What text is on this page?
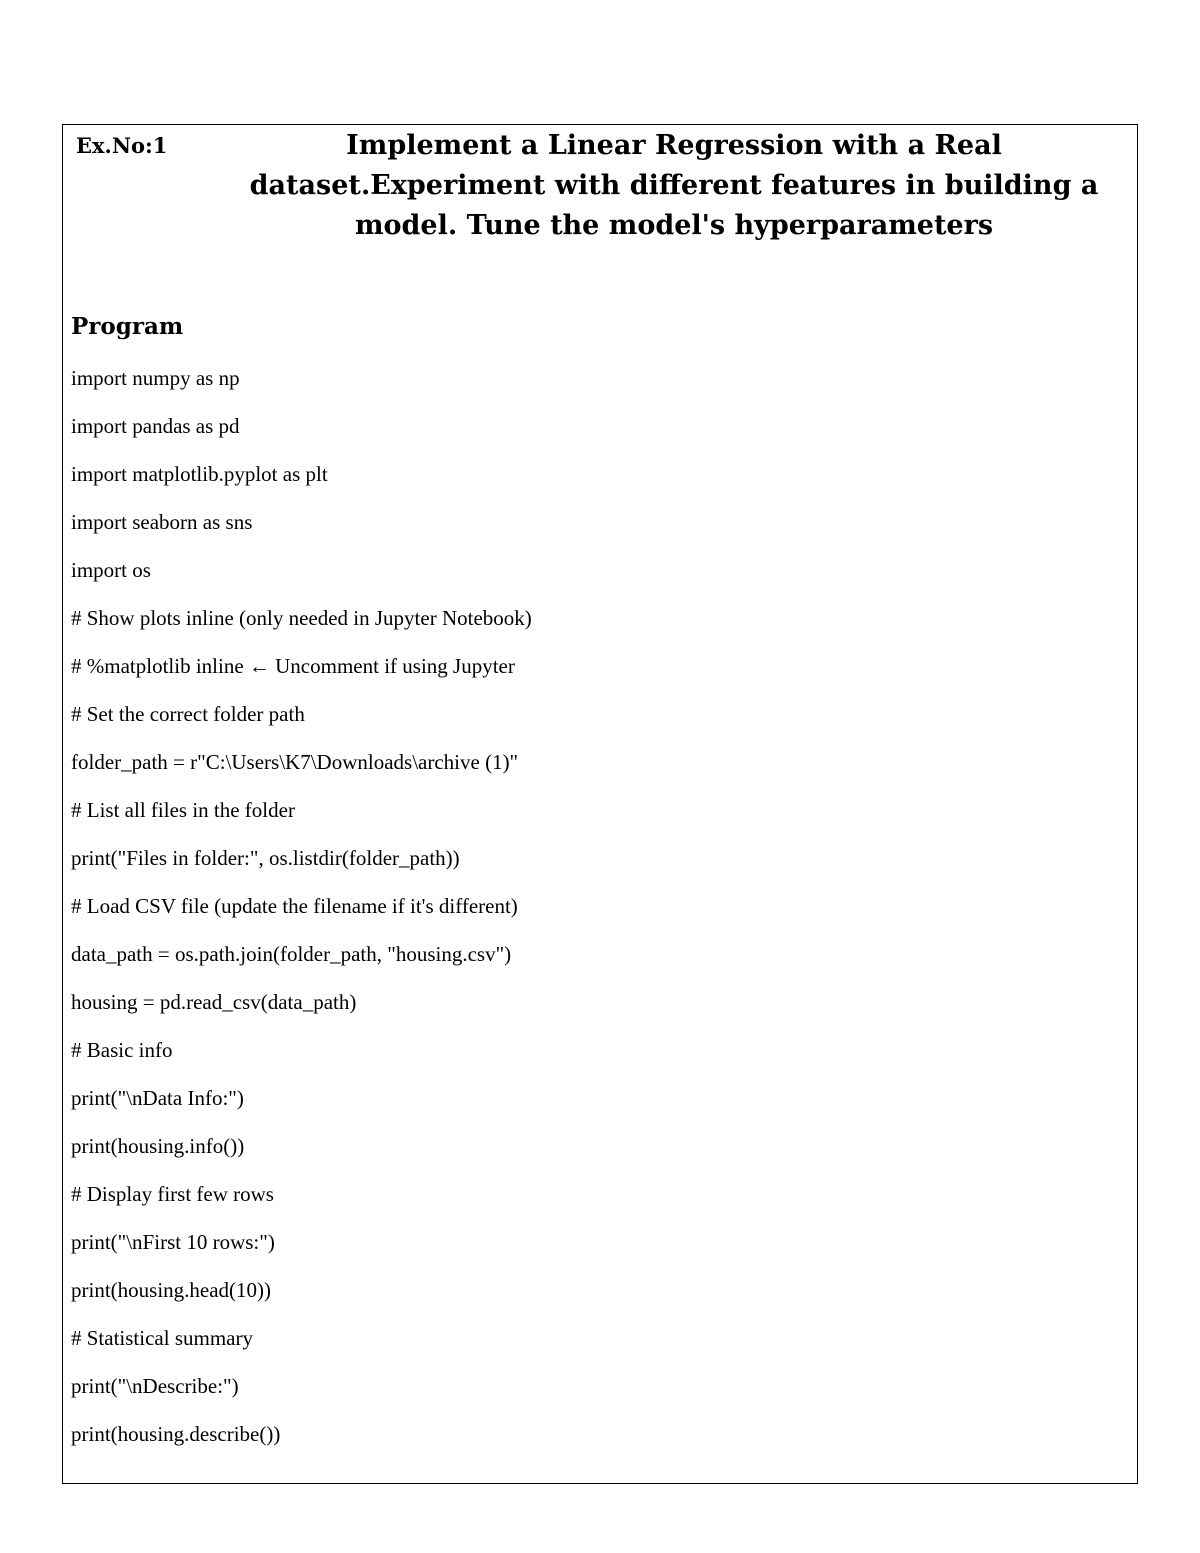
Ex.No:1	Implement a Linear Regression with a Real dataset.Experiment with different features in building a model. Tune the model's hyperparameters
Program
import numpy as np
import pandas as pd
import matplotlib.pyplot as plt
import seaborn as sns
import os
# Show plots inline (only needed in Jupyter Notebook)
# %matplotlib inline ← Uncomment if using Jupyter
# Set the correct folder path
folder_path = r"C:\Users\K7\Downloads\archive (1)"
# List all files in the folder
print("Files in folder:", os.listdir(folder_path))
# Load CSV file (update the filename if it's different)
data_path = os.path.join(folder_path, "housing.csv")
housing = pd.read_csv(data_path)
# Basic info
print("\nData Info:")
print(housing.info())
# Display first few rows
print("\nFirst 10 rows:")
print(housing.head(10))
# Statistical summary
print("\nDescribe:")
print(housing.describe())
